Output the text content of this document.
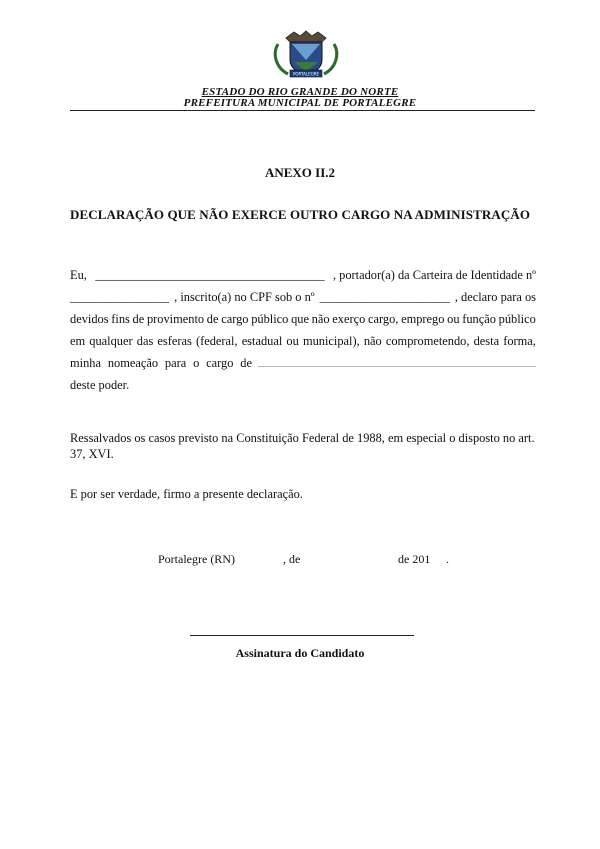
PORTALEGRE
ESTADO DO RIO GRANDE DO NORTE
PREFEITURA MUNICIPAL DE PORTALEGRE
ANEXO II.2
DECLARAÇÃO QUE NÃO EXERCE OUTRO CARGO NA ADMINISTRAÇÃO
Eu, _____________________________________ , portador(a) da Carteira de Identidade nº
________________ , inscrito(a) no CPF sob o nº _____________________ , declaro para os
devidos fins de provimento de cargo público que não exerço cargo, emprego ou função público
em qualquer das esferas (federal, estadual ou municipal), não comprometendo, desta forma,
minha nomeação para o cargo de
deste poder.
Ressalvados os casos previsto na Constituição Federal de 1988, em especial o disposto no art.
37, XVI.
E por ser verdade, firmo a presente declaração.
Portalegre (RN)	, de	de 201 .
Assinatura do Candidato
